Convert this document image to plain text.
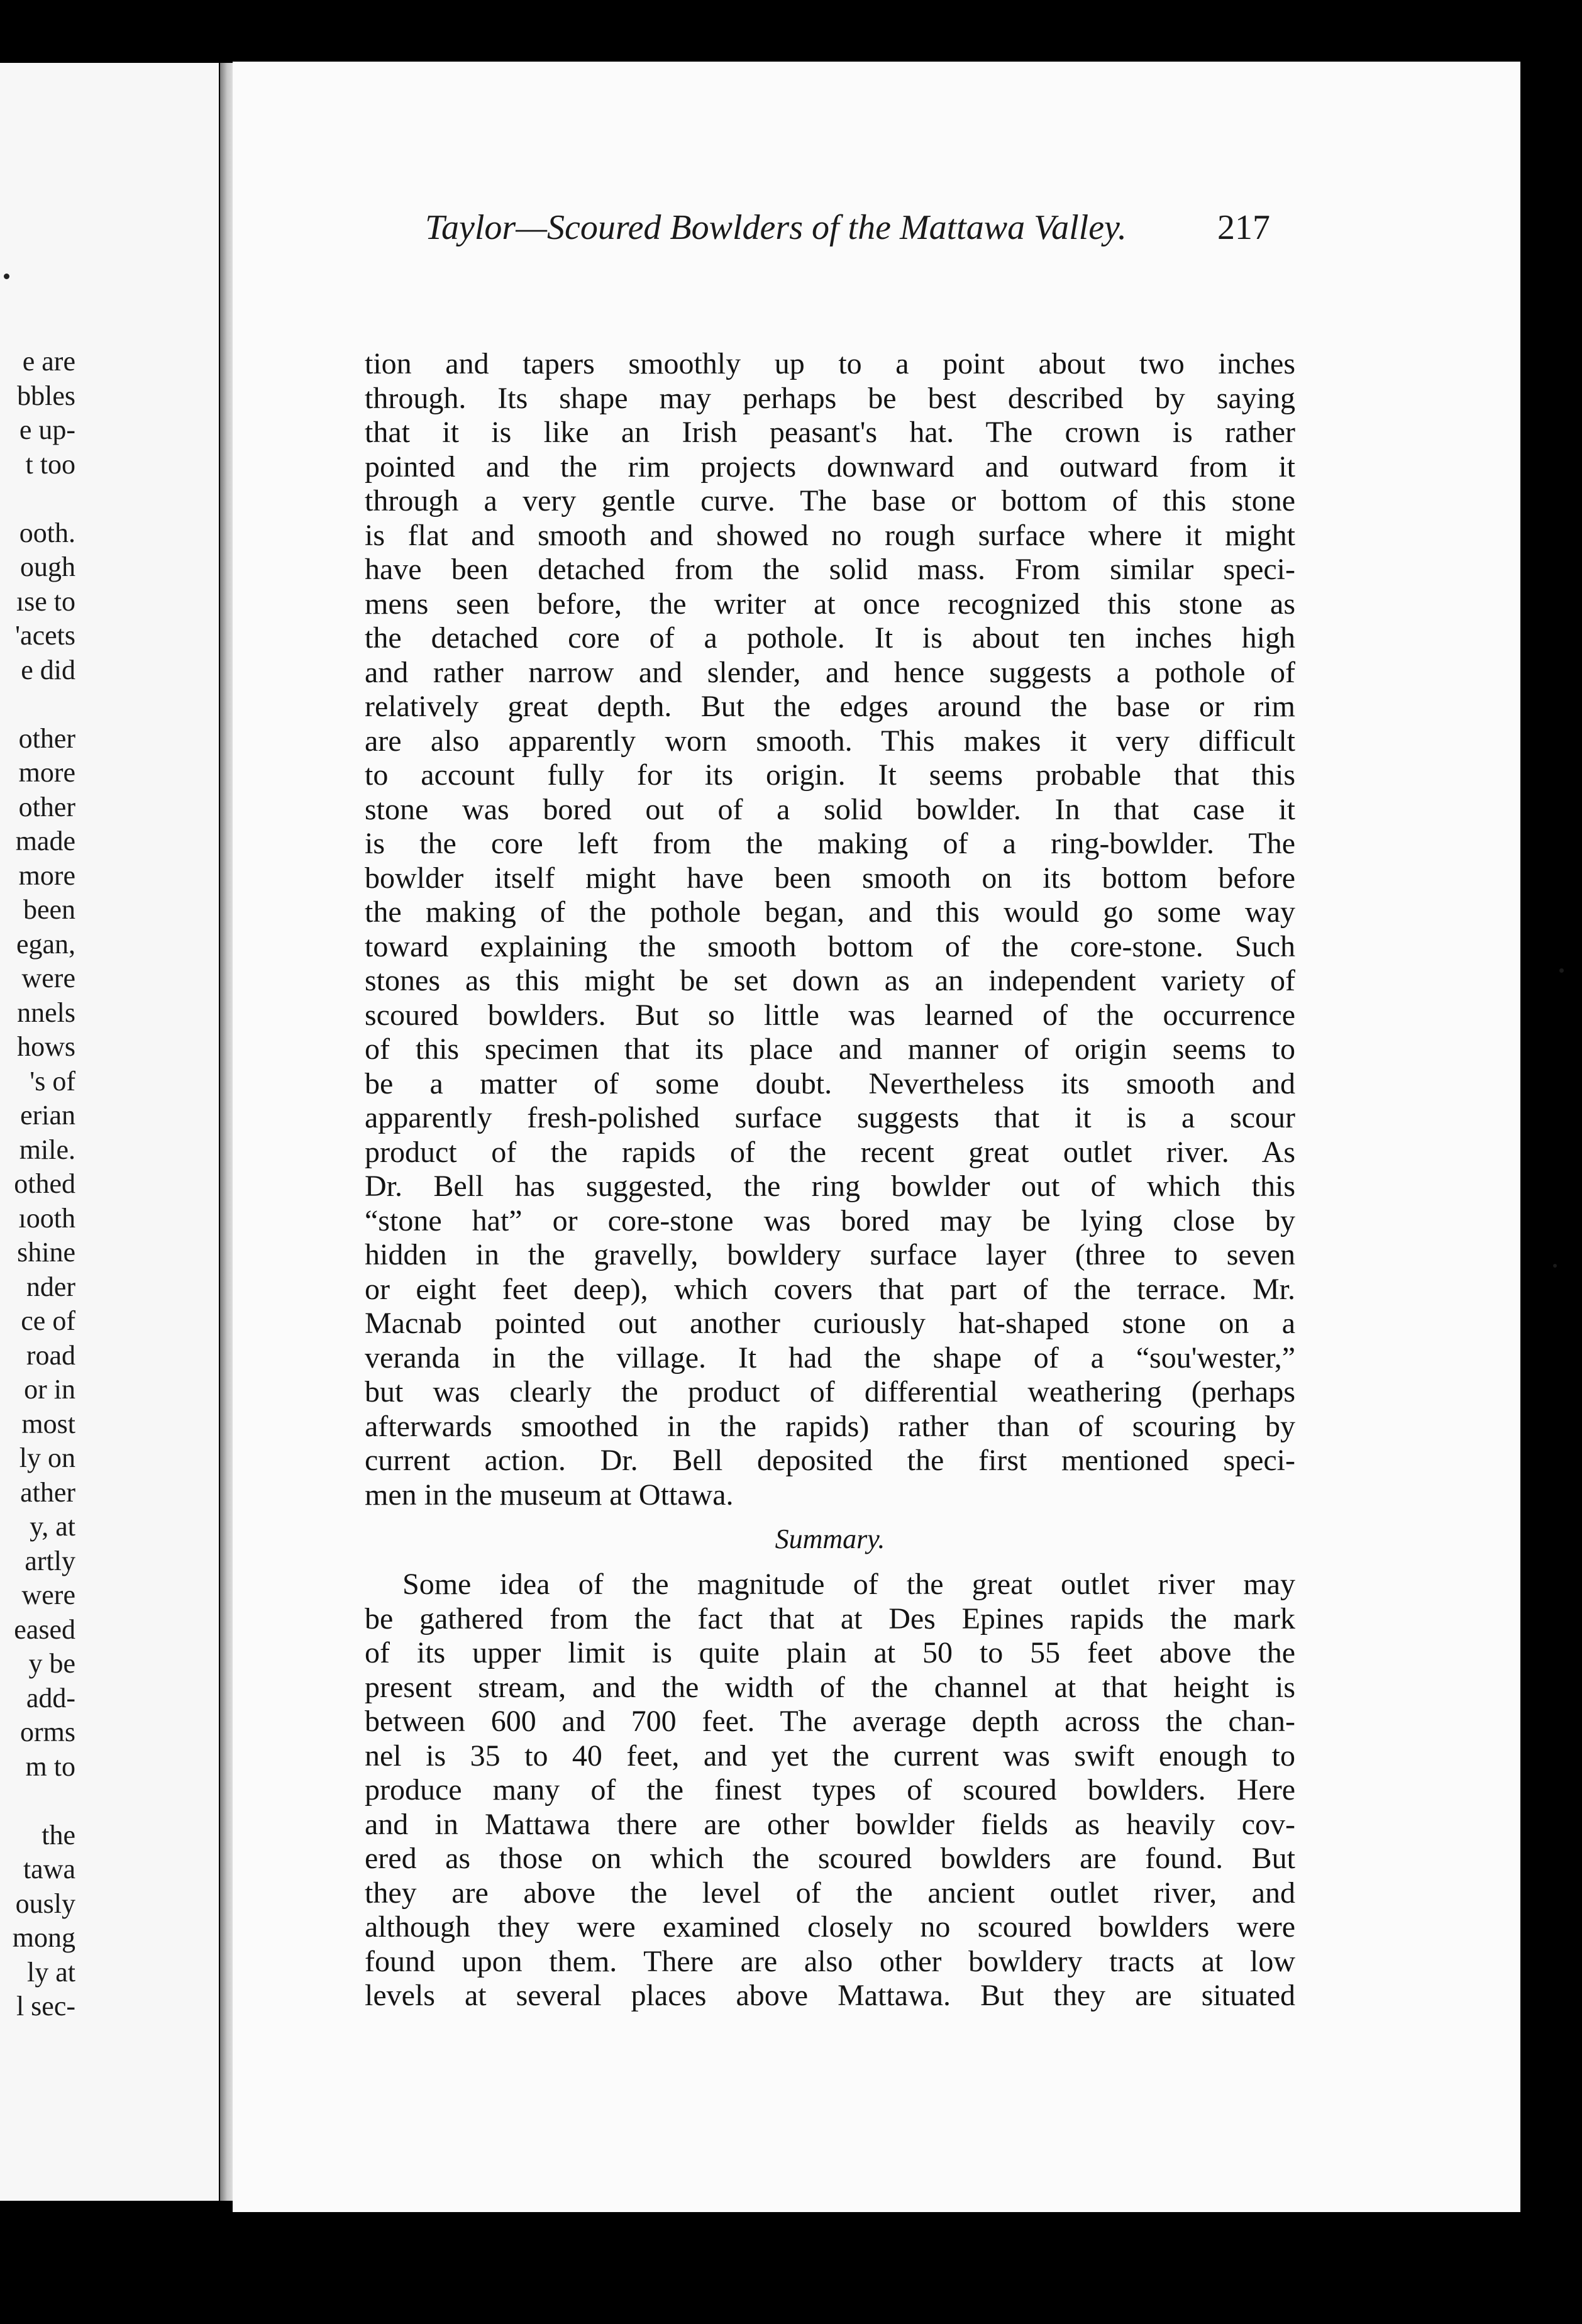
e are
bbles
e up-
t too
ooth.
ough
ıse to
'acets
e did
other
more
other
made
more
been
egan,
were
nnels
hows
's of
erian
mile.
othed
ıooth
shine
nder
ce of
road
or in
most
ly on
ather
y, at
artly
were
eased
y be
add-
orms
m to
the
tawa
ously
mong
ly at
l sec-
Taylor—Scoured Bowlders of the Mattawa Valley.	217
tion and tapers smoothly up to a point about two inches
through. Its shape may perhaps be best described by saying
that it is like an Irish peasant's hat. The crown is rather
pointed and the rim projects downward and outward from it
through a very gentle curve. The base or bottom of this stone
is flat and smooth and showed no rough surface where it might
have been detached from the solid mass. From similar speci-
mens seen before, the writer at once recognized this stone as
the detached core of a pothole. It is about ten inches high
and rather narrow and slender, and hence suggests a pothole of
relatively great depth. But the edges around the base or rim
are also apparently worn smooth. This makes it very difficult
to account fully for its origin. It seems probable that this
stone was bored out of a solid bowlder. In that case it
is the core left from the making of a ring-bowlder. The
bowlder itself might have been smooth on its bottom before
the making of the pothole began, and this would go some way
toward explaining the smooth bottom of the core-stone. Such
stones as this might be set down as an independent variety of
scoured bowlders. But so little was learned of the occurrence
of this specimen that its place and manner of origin seems to
be a matter of some doubt. Nevertheless its smooth and
apparently fresh-polished surface suggests that it is a scour
product of the rapids of the recent great outlet river. As
Dr. Bell has suggested, the ring bowlder out of which this
“stone hat” or core-stone was bored may be lying close by
hidden in the gravelly, bowldery surface layer (three to seven
or eight feet deep), which covers that part of the terrace. Mr.
Macnab pointed out another curiously hat-shaped stone on a
veranda in the village. It had the shape of a “sou'wester,”
but was clearly the product of differential weathering (perhaps
afterwards smoothed in the rapids) rather than of scouring by
current action. Dr. Bell deposited the first mentioned speci-
men in the museum at Ottawa.
Summary.
Some idea of the magnitude of the great outlet river may
be gathered from the fact that at Des Epines rapids the mark
of its upper limit is quite plain at 50 to 55 feet above the
present stream, and the width of the channel at that height is
between 600 and 700 feet. The average depth across the chan-
nel is 35 to 40 feet, and yet the current was swift enough to
produce many of the finest types of scoured bowlders. Here
and in Mattawa there are other bowlder fields as heavily cov-
ered as those on which the scoured bowlders are found. But
they are above the level of the ancient outlet river, and
although they were examined closely no scoured bowlders were
found upon them. There are also other bowldery tracts at low
levels at several places above Mattawa. But they are situated
